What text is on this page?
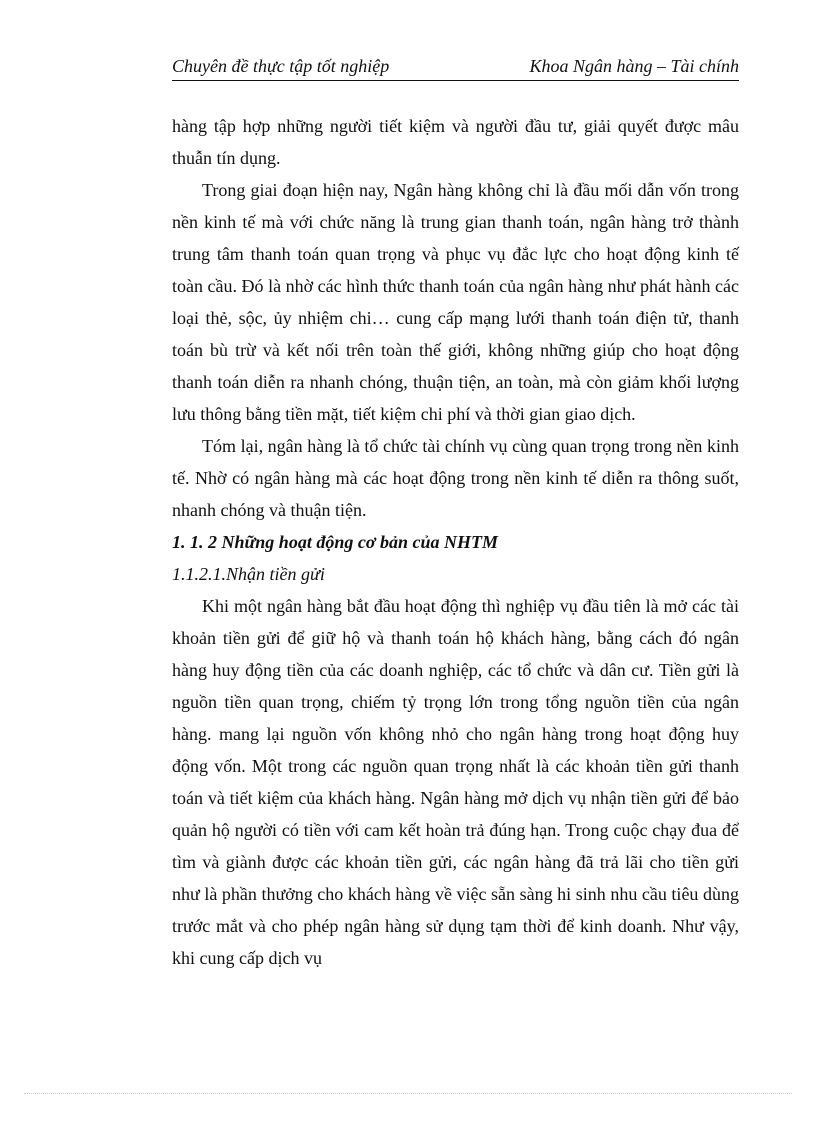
Chuyên đề thực tập tốt nghiệp	Khoa Ngân hàng – Tài chính

hàng tập hợp những người tiết kiệm và người đầu tư, giải quyết được mâu thuẫn tín dụng.

Trong giai đoạn hiện nay, Ngân hàng không chỉ là đầu mối dẫn vốn trong nền kinh tế mà với chức năng là trung gian thanh toán, ngân hàng trở thành trung tâm thanh toán quan trọng và phục vụ đắc lực cho hoạt động kinh tế toàn cầu. Đó là nhờ các hình thức thanh toán của ngân hàng như phát hành các loại thẻ, sộc, ủy nhiệm chi… cung cấp mạng lưới thanh toán điện tử, thanh toán bù trừ và kết nối trên toàn thế giới, không những giúp cho hoạt động thanh toán diễn ra nhanh chóng, thuận tiện, an toàn, mà còn giảm khối lượng lưu thông bằng tiền mặt, tiết kiệm chi phí và thời gian giao dịch.

Tóm lại, ngân hàng là tổ chức tài chính vụ cùng quan trọng trong nền kinh tế. Nhờ có ngân hàng mà các hoạt động trong nền kinh tế diễn ra thông suốt, nhanh chóng và thuận tiện.

1. 1. 2 Những hoạt động cơ bản của NHTM

1.1.2.1.Nhận tiền gửi

Khi một ngân hàng bắt đầu hoạt động thì nghiệp vụ đầu tiên là mở các tài khoản tiền gửi để giữ hộ và thanh toán hộ khách hàng, bằng cách đó ngân hàng huy động tiền của các doanh nghiệp, các tổ chức và dân cư. Tiền gửi là nguồn tiền quan trọng, chiếm tỷ trọng lớn trong tổng nguồn tiền của ngân hàng. mang lại nguồn vốn không nhỏ cho ngân hàng trong hoạt động huy động vốn. Một trong các nguồn quan trọng nhất là các khoản tiền gửi thanh toán và tiết kiệm của khách hàng. Ngân hàng mở dịch vụ nhận tiền gửi để bảo quản hộ người có tiền với cam kết hoàn trả đúng hạn. Trong cuộc chạy đua để tìm và giành được các khoản tiền gửi, các ngân hàng đã trả lãi cho tiền gửi như là phần thưởng cho khách hàng về việc sẵn sàng hi sinh nhu cầu tiêu dùng trước mắt và cho phép ngân hàng sử dụng tạm thời để kinh doanh. Như vậy, khi cung cấp dịch vụ
